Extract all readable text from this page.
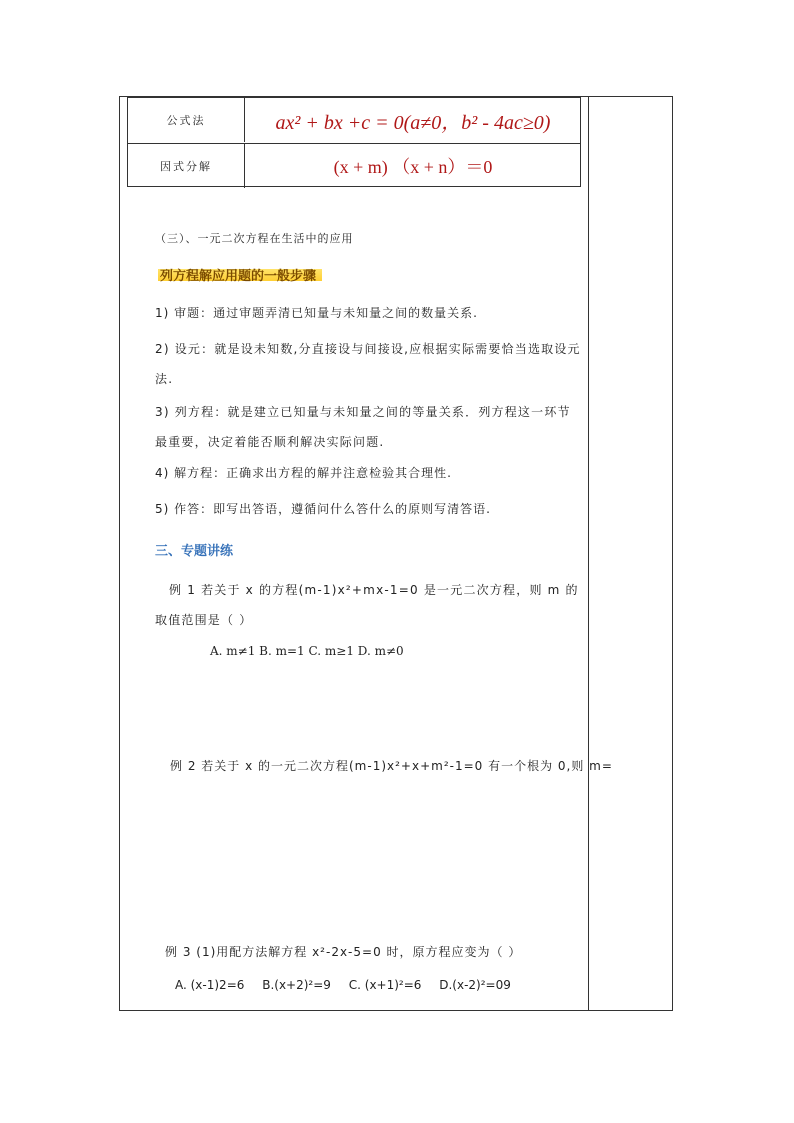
公式法	ax² + bx +c = 0(a≠0，b² - 4ac≥0)
因式分解	(x + m) （x + n）＝0
（三）、一元二次方程在生活中的应用
列方程解应用题的一般步骤
1) 审题：通过审题弄清已知量与未知量之间的数量关系.
2) 设元：就是设未知数,分直接设与间接设,应根据实际需要恰当选取设元法.
3) 列方程：就是建立已知量与未知量之间的等量关系．列方程这一环节最重要，决定着能否顺利解决实际问题.
4) 解方程：正确求出方程的解并注意检验其合理性.
5) 作答：即写出答语，遵循问什么答什么的原则写清答语.
三、专题讲练
例 1 若关于 x 的方程(m-1)x²+mx-1=0 是一元二次方程，则 m 的取值范围是（ ）
A. m≠1 B. m=1 C. m≥1 D. m≠0
例 2 若关于 x 的一元二次方程(m-1)x²+x+m²-1=0 有一个根为 0,则 m=
例 3 (1)用配方法解方程 x²-2x-5=0 时，原方程应变为（ ）
A. (x-1)2=6 B.(x+2)²=9 C. (x+1)²=6 D.(x-2)²=09
